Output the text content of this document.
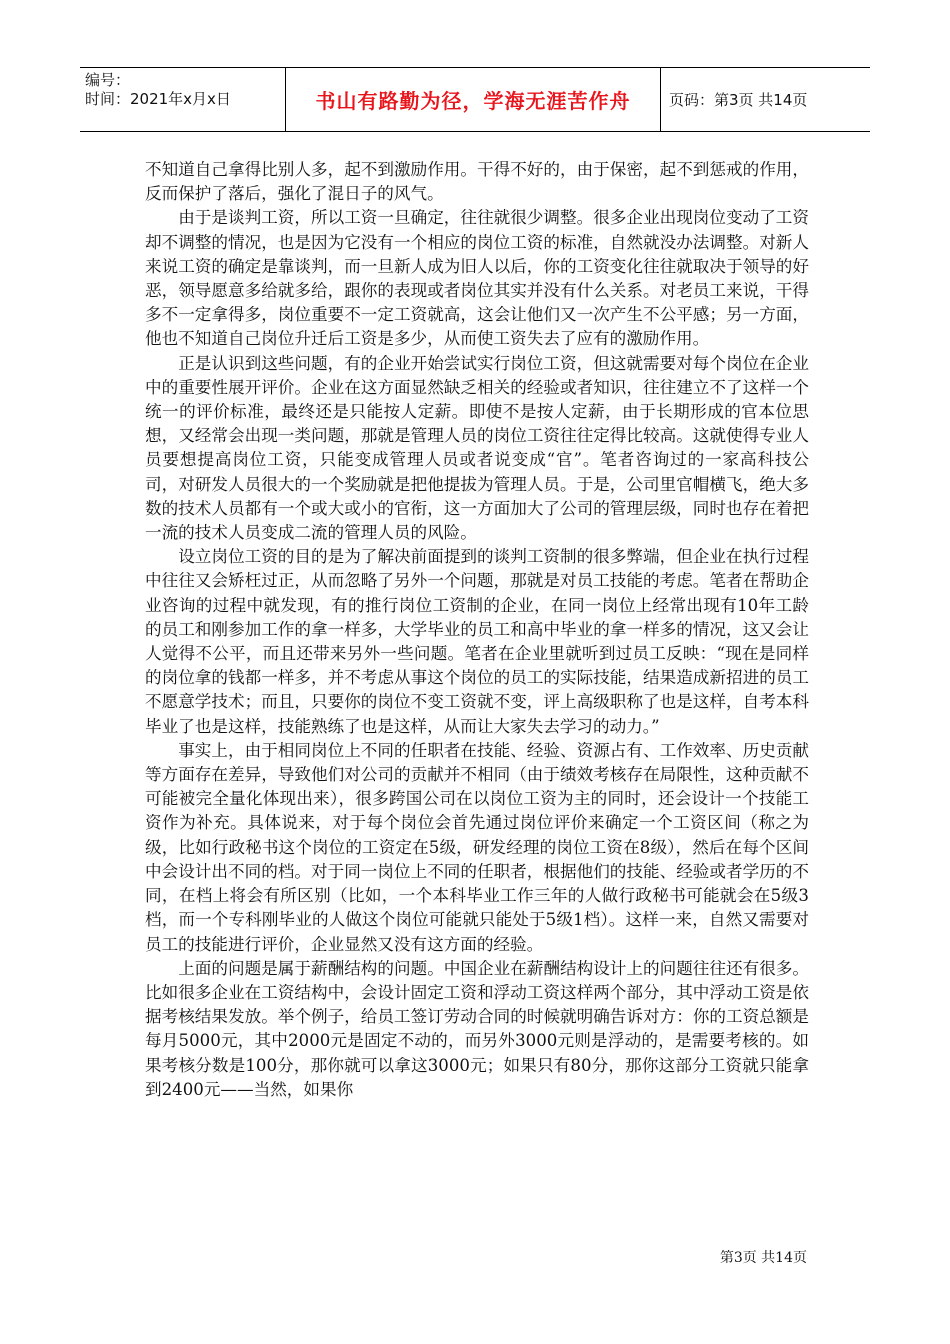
编号：
时间：2021年x月x日	书山有路勤为径，学海无涯苦作舟	页码：第3页 共14页

不知道自己拿得比别人多，起不到激励作用。干得不好的，由于保密，起不到惩戒的作用，反而保护了落后，强化了混日子的风气。

由于是谈判工资，所以工资一旦确定，往往就很少调整。很多企业出现岗位变动了工资却不调整的情况，也是因为它没有一个相应的岗位工资的标准，自然就没办法调整。对新人来说工资的确定是靠谈判，而一旦新人成为旧人以后，你的工资变化往往就取决于领导的好恶，领导愿意多给就多给，跟你的表现或者岗位其实并没有什么关系。对老员工来说，干得多不一定拿得多，岗位重要不一定工资就高，这会让他们又一次产生不公平感；另一方面，他也不知道自己岗位升迁后工资是多少，从而使工资失去了应有的激励作用。

正是认识到这些问题，有的企业开始尝试实行岗位工资，但这就需要对每个岗位在企业中的重要性展开评价。企业在这方面显然缺乏相关的经验或者知识，往往建立不了这样一个统一的评价标准，最终还是只能按人定薪。即使不是按人定薪，由于长期形成的官本位思想，又经常会出现一类问题，那就是管理人员的岗位工资往往定得比较高。这就使得专业人员要想提高岗位工资，只能变成管理人员或者说变成“官”。笔者咨询过的一家高科技公司，对研发人员很大的一个奖励就是把他提拔为管理人员。于是，公司里官帽横飞，绝大多数的技术人员都有一个或大或小的官衔，这一方面加大了公司的管理层级，同时也存在着把一流的技术人员变成二流的管理人员的风险。

设立岗位工资的目的是为了解决前面提到的谈判工资制的很多弊端，但企业在执行过程中往往又会矫枉过正，从而忽略了另外一个问题，那就是对员工技能的考虑。笔者在帮助企业咨询的过程中就发现，有的推行岗位工资制的企业，在同一岗位上经常出现有10年工龄的员工和刚参加工作的拿一样多，大学毕业的员工和高中毕业的拿一样多的情况，这又会让人觉得不公平，而且还带来另外一些问题。笔者在企业里就听到过员工反映：“现在是同样的岗位拿的钱都一样多，并不考虑从事这个岗位的员工的实际技能，结果造成新招进的员工不愿意学技术；而且，只要你的岗位不变工资就不变，评上高级职称了也是这样，自考本科毕业了也是这样，技能熟练了也是这样，从而让大家失去学习的动力。”

事实上，由于相同岗位上不同的任职者在技能、经验、资源占有、工作效率、历史贡献等方面存在差异，导致他们对公司的贡献并不相同（由于绩效考核存在局限性，这种贡献不可能被完全量化体现出来），很多跨国公司在以岗位工资为主的同时，还会设计一个技能工资作为补充。具体说来，对于每个岗位会首先通过岗位评价来确定一个工资区间（称之为级，比如行政秘书这个岗位的工资定在5级，研发经理的岗位工资在8级），然后在每个区间中会设计出不同的档。对于同一岗位上不同的任职者，根据他们的技能、经验或者学历的不同，在档上将会有所区别（比如，一个本科毕业工作三年的人做行政秘书可能就会在5级3档，而一个专科刚毕业的人做这个岗位可能就只能处于5级1档）。这样一来，自然又需要对员工的技能进行评价，企业显然又没有这方面的经验。

上面的问题是属于薪酬结构的问题。中国企业在薪酬结构设计上的问题往往还有很多。比如很多企业在工资结构中，会设计固定工资和浮动工资这样两个部分，其中浮动工资是依据考核结果发放。举个例子，给员工签订劳动合同的时候就明确告诉对方：你的工资总额是每月5000元，其中2000元是固定不动的，而另外3000元则是浮动的，是需要考核的。如果考核分数是100分，那你就可以拿这3000元；如果只有80分，那你这部分工资就只能拿到2400元——当然，如果你

第3页 共14页
